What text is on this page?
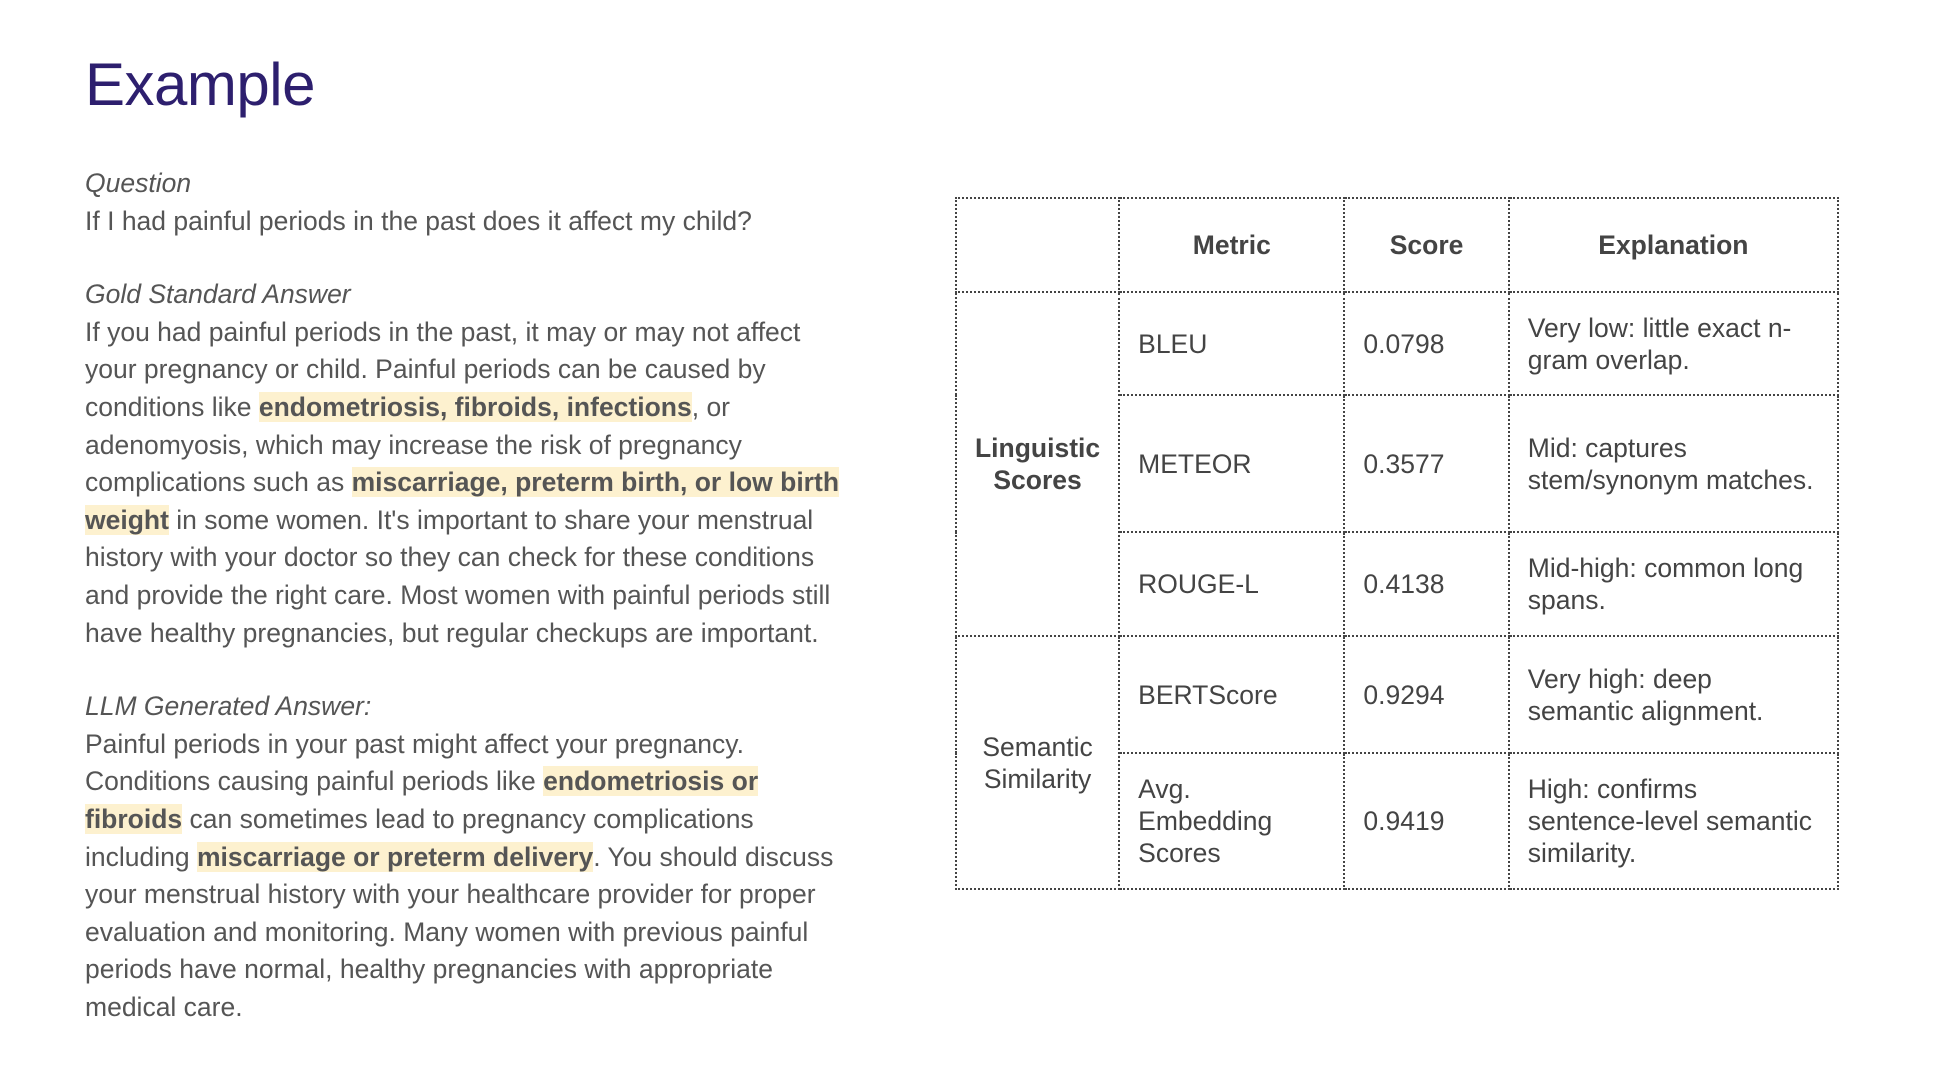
Example
Question
If I had painful periods in the past does it affect my child?
Gold Standard Answer
If you had painful periods in the past, it may or may not affect your pregnancy or child. Painful periods can be caused by conditions like endometriosis, fibroids, infections, or adenomyosis, which may increase the risk of pregnancy complications such as miscarriage, preterm birth, or low birth weight in some women. It's important to share your menstrual history with your doctor so they can check for these conditions and provide the right care. Most women with painful periods still have healthy pregnancies, but regular checkups are important.
LLM Generated Answer:
Painful periods in your past might affect your pregnancy. Conditions causing painful periods like endometriosis or fibroids can sometimes lead to pregnancy complications including miscarriage or preterm delivery. You should discuss your menstrual history with your healthcare provider for proper evaluation and monitoring. Many women with previous painful periods have normal, healthy pregnancies with appropriate medical care.
	Metric	Score	Explanation
Linguistic
Scores	BLEU	0.0798	Very low: little exact n-gram overlap.
	METEOR	0.3577	Mid: captures stem/synonym matches.
	ROUGE-L	0.4138	Mid-high: common long spans.
Semantic
Similarity	BERTScore	0.9294	Very high: deep semantic alignment.
	Avg. Embedding Scores	0.9419	High: confirms sentence-level semantic similarity.
